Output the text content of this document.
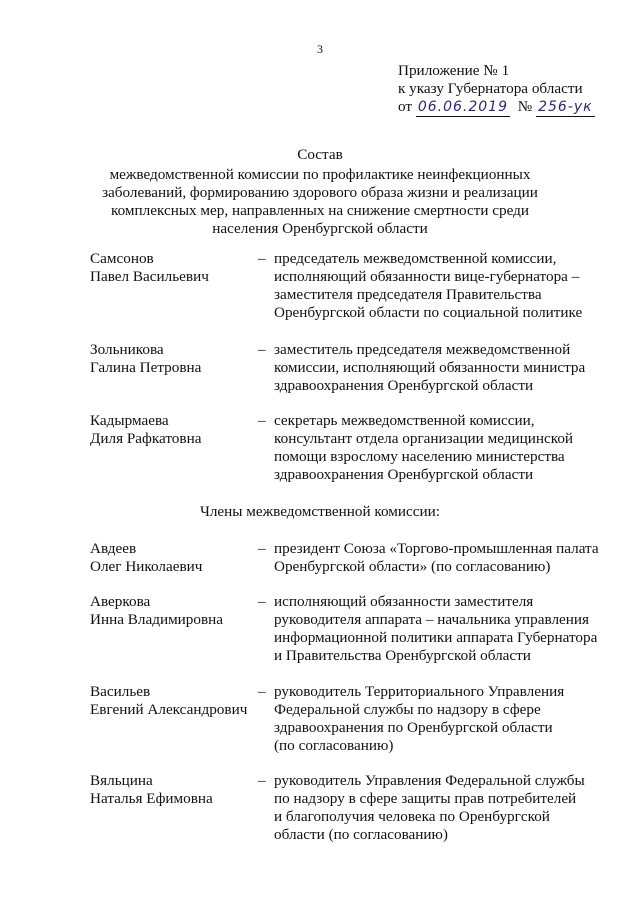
3
Приложение № 1
к указу Губернатора области
от 06.06.2019 № 256-ук
Состав
межведомственной комиссии по профилактике неинфекционных
заболеваний, формированию здорового образа жизни и реализации
комплексных мер, направленных на снижение смертности среди
населения Оренбургской области
Самсонов
Павел Васильевич
– председатель межведомственной комиссии,
исполняющий обязанности вице-губернатора –
заместителя председателя Правительства
Оренбургской области по социальной политике
Зольникова
Галина Петровна
– заместитель председателя межведомственной
комиссии, исполняющий обязанности министра
здравоохранения Оренбургской области
Кадырмаева
Диля Рафкатовна
– секретарь межведомственной комиссии,
консультант отдела организации медицинской
помощи взрослому населению министерства
здравоохранения Оренбургской области
Члены межведомственной комиссии:
Авдеев
Олег Николаевич
– президент Союза «Торгово-промышленная палата
Оренбургской области» (по согласованию)
Аверкова
Инна Владимировна
– исполняющий обязанности заместителя
руководителя аппарата – начальника управления
информационной политики аппарата Губернатора
и Правительства Оренбургской области
Васильев
Евгений Александрович
– руководитель Территориального Управления
Федеральной службы по надзору в сфере
здравоохранения по Оренбургской области
(по согласованию)
Вяльцина
Наталья Ефимовна
– руководитель Управления Федеральной службы
по надзору в сфере защиты прав потребителей
и благополучия человека по Оренбургской
области (по согласованию)
